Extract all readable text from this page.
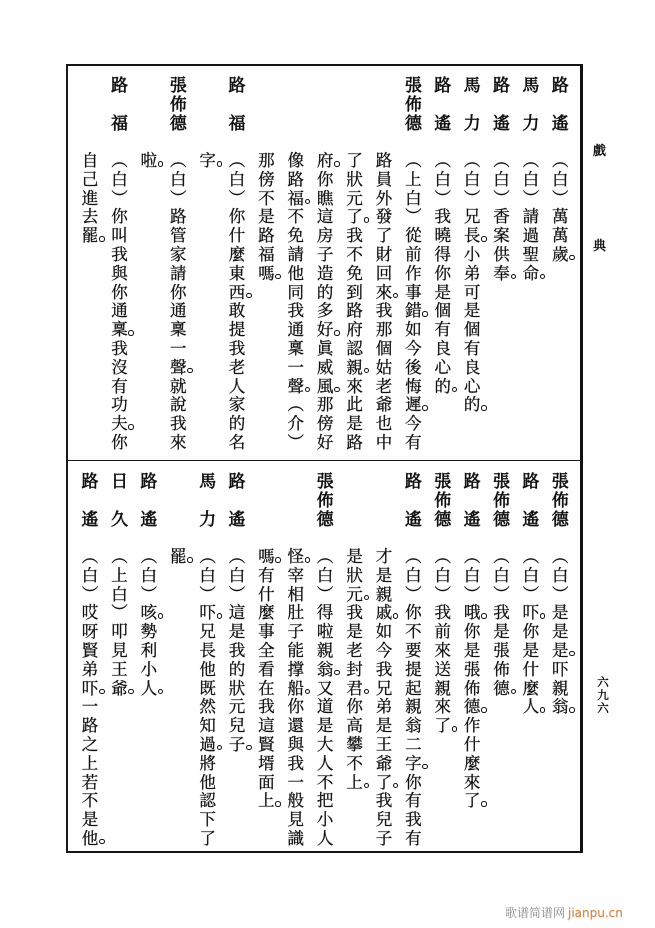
戲
典
六
九
六
路
遙
︵
白
︶
萬
萬
歲
馬
力
︵
白
︶
請
過
聖
命
路
遙
︵
白
︶
香
案
供
奉
馬
力
︵
白
︶
兄
長
小
弟
可
是
個
有
良
心
的
路
遙
︵
白
︶
我
曉
得
你
是
個
有
良
心
的
張
佈
德
︵
上
白
︶
從
前
作
事
錯
如
今
後
悔
遲
今
有
路
員
外
發
了
財
回
來
我
那
個
姑
老
爺
也
中
了
狀
元
了
我
不
免
到
路
府
認
親
來
此
是
路
府
你
瞧
這
房
子
造
的
多
好
眞
威
風
那
傍
好
像
路
福
不
免
請
他
同
我
通
稟
一
聲
︵
介
︶
那
傍
不
是
路
福
嗎
路
福
︵
白
︶
你
什
麼
東
西
敢
提
我
老
人
家
的
名
字
張
佈
德
︵
白
︶
路
管
家
請
你
通
稟
一
聲
就
說
我
來
啦
路
福
︵
白
︶
你
叫
我
與
你
通
稟
我
沒
有
功
夫
你
自
己
進
去
罷
張
佈
德
︵
白
︶
是
是
是
吓
親
翁
路
遙
︵
白
︶
吓
你
是
什
麼
人
張
佈
德
︵
白
︶
我
是
張
佈
德
路
遙
︵
白
︶
哦
你
是
張
佈
德
作
什
麼
來
了
張
佈
德
︵
白
︶
我
前
來
送
親
來
了
路
遙
︵
白
︶
你
不
要
提
起
親
翁
二
字
你
有
我
有
才
是
親
戚
如
今
我
兄
弟
是
王
爺
了
我
兒
子
是
狀
元
我
是
老
封
君
你
高
攀
不
上
張
佈
德
︵
白
︶
得
啦
親
翁
又
道
是
大
人
不
把
小
人
怪
宰
相
肚
子
能
撑
船
你
還
與
我
一
般
見
識
嗎
有
什
麼
事
全
看
在
我
這
賢
壻
面
上
路
遙
︵
白
︶
這
是
我
的
狀
元
兒
子
馬
力
︵
白
︶
吓
兄
長
他
既
然
知
過
將
他
認
下
了
罷
路
遙
︵
白
︶
咳
勢
利
小
人
日
久
︵
上
白
︶
叩
見
王
爺
路
遙
︵
白
︶
哎
呀
賢
弟
吓
一
路
之
上
若
不
是
他
歌谱简谱网 jianpu.cn
